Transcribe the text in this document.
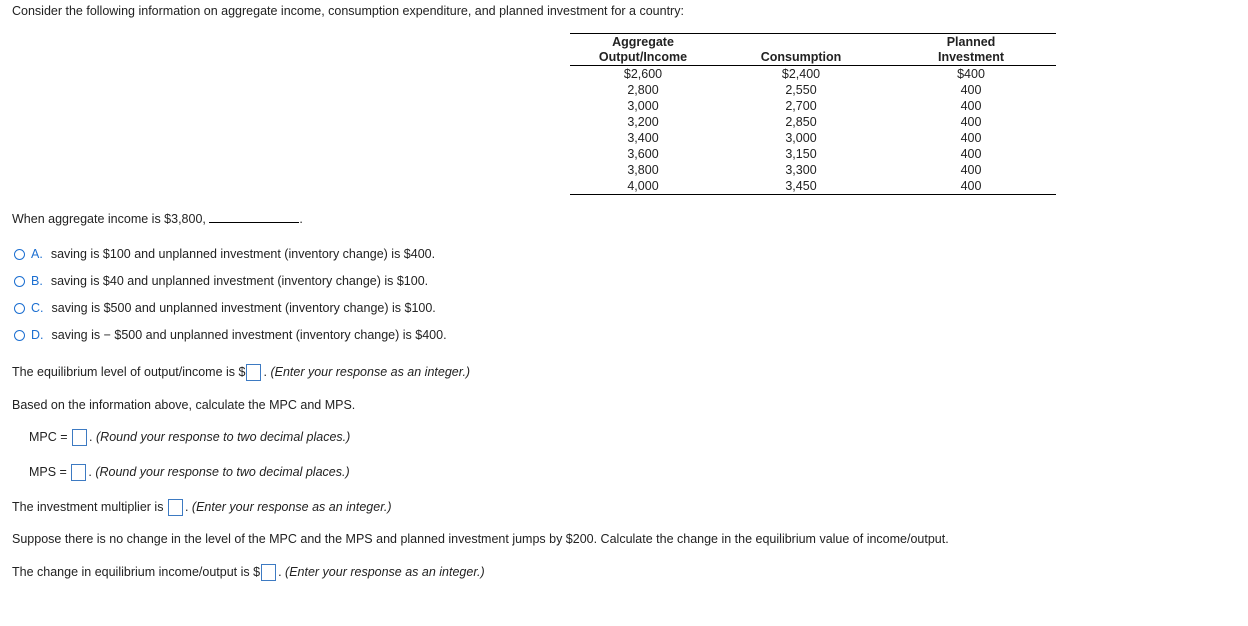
Consider the following information on aggregate income, consumption expenditure, and planned investment for a country:
Aggregate
Output/Income	Consumption	Planned
Investment
$2,600	$2,400	$400
2,800	2,550	400
3,000	2,700	400
3,200	2,850	400
3,400	3,000	400
3,600	3,150	400
3,800	3,300	400
4,000	3,450	400
When aggregate income is $3,800,	.
A. saving is $100 and unplanned investment (inventory change) is $400.
B. saving is $40 and unplanned investment (inventory change) is $100.
C. saving is $500 and unplanned investment (inventory change) is $100.
D. saving is − $500 and unplanned investment (inventory change) is $400.
The equilibrium level of output/income is $ . (Enter your response as an integer.)
Based on the information above, calculate the MPC and MPS.
MPC = . (Round your response to two decimal places.)
MPS = . (Round your response to two decimal places.)
The investment multiplier is . (Enter your response as an integer.)
Suppose there is no change in the level of the MPC and the MPS and planned investment jumps by $200. Calculate the change in the equilibrium value of income/output.
The change in equilibrium income/output is $ . (Enter your response as an integer.)
